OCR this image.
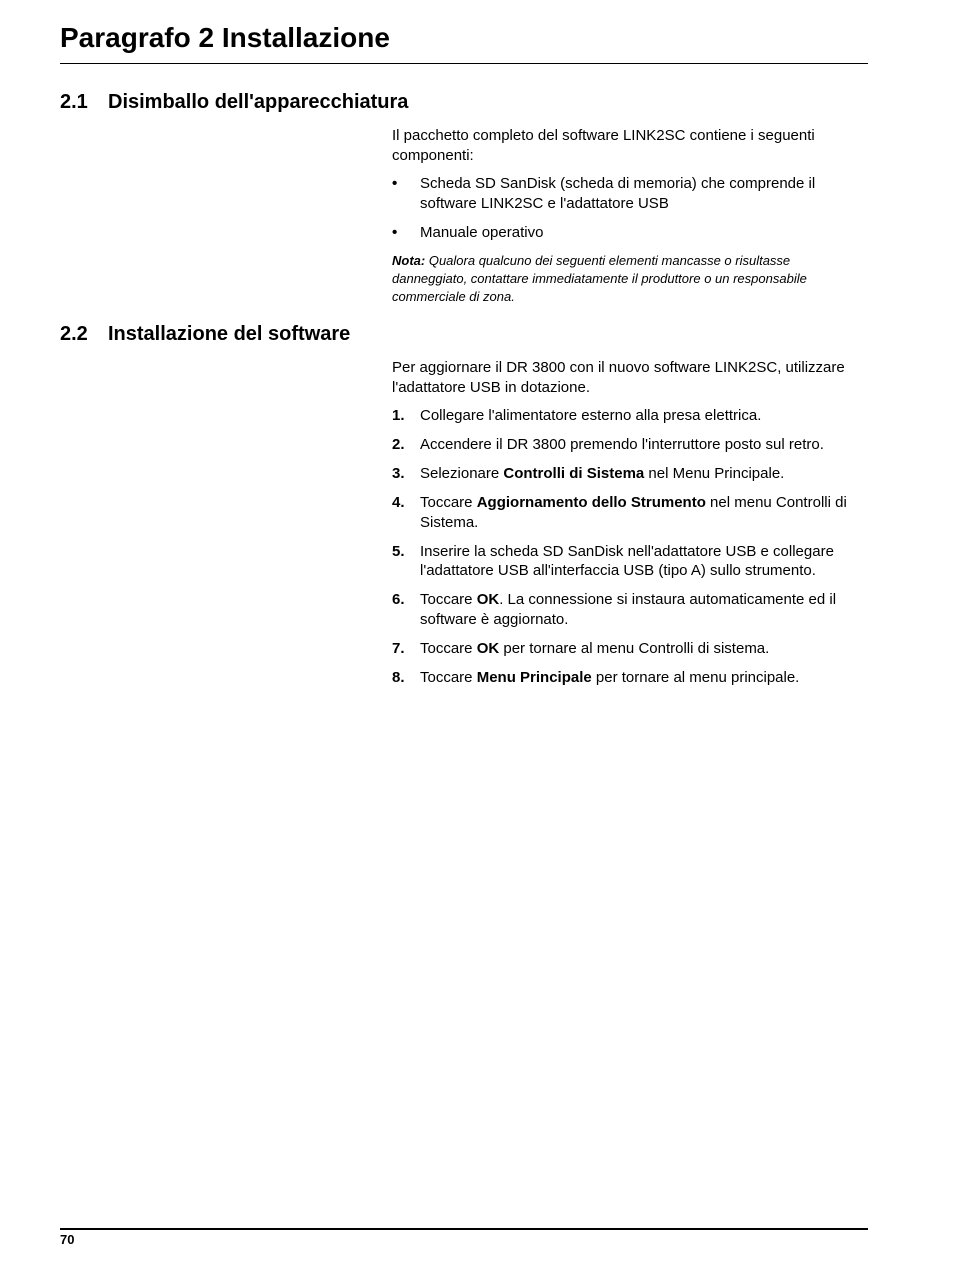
Paragrafo 2 Installazione
2.1 Disimballo dell'apparecchiatura

Il pacchetto completo del software LINK2SC contiene i seguenti componenti:

• Scheda SD SanDisk (scheda di memoria) che comprende il software LINK2SC e l'adattatore USB
• Manuale operativo

Nota: Qualora qualcuno dei seguenti elementi mancasse o risultasse danneggiato, contattare immediatamente il produttore o un responsabile commerciale di zona.

2.2 Installazione del software

Per aggiornare il DR 3800 con il nuovo software LINK2SC, utilizzare l'adattatore USB in dotazione.

1. Collegare l'alimentatore esterno alla presa elettrica.
2. Accendere il DR 3800 premendo l'interruttore posto sul retro.
3. Selezionare Controlli di Sistema nel Menu Principale.
4. Toccare Aggiornamento dello Strumento nel menu Controlli di Sistema.
5. Inserire la scheda SD SanDisk nell'adattatore USB e collegare l'adattatore USB all'interfaccia USB (tipo A) sullo strumento.
6. Toccare OK. La connessione si instaura automaticamente ed il software è aggiornato.
7. Toccare OK per tornare al menu Controlli di sistema.
8. Toccare Menu Principale per tornare al menu principale.
70
